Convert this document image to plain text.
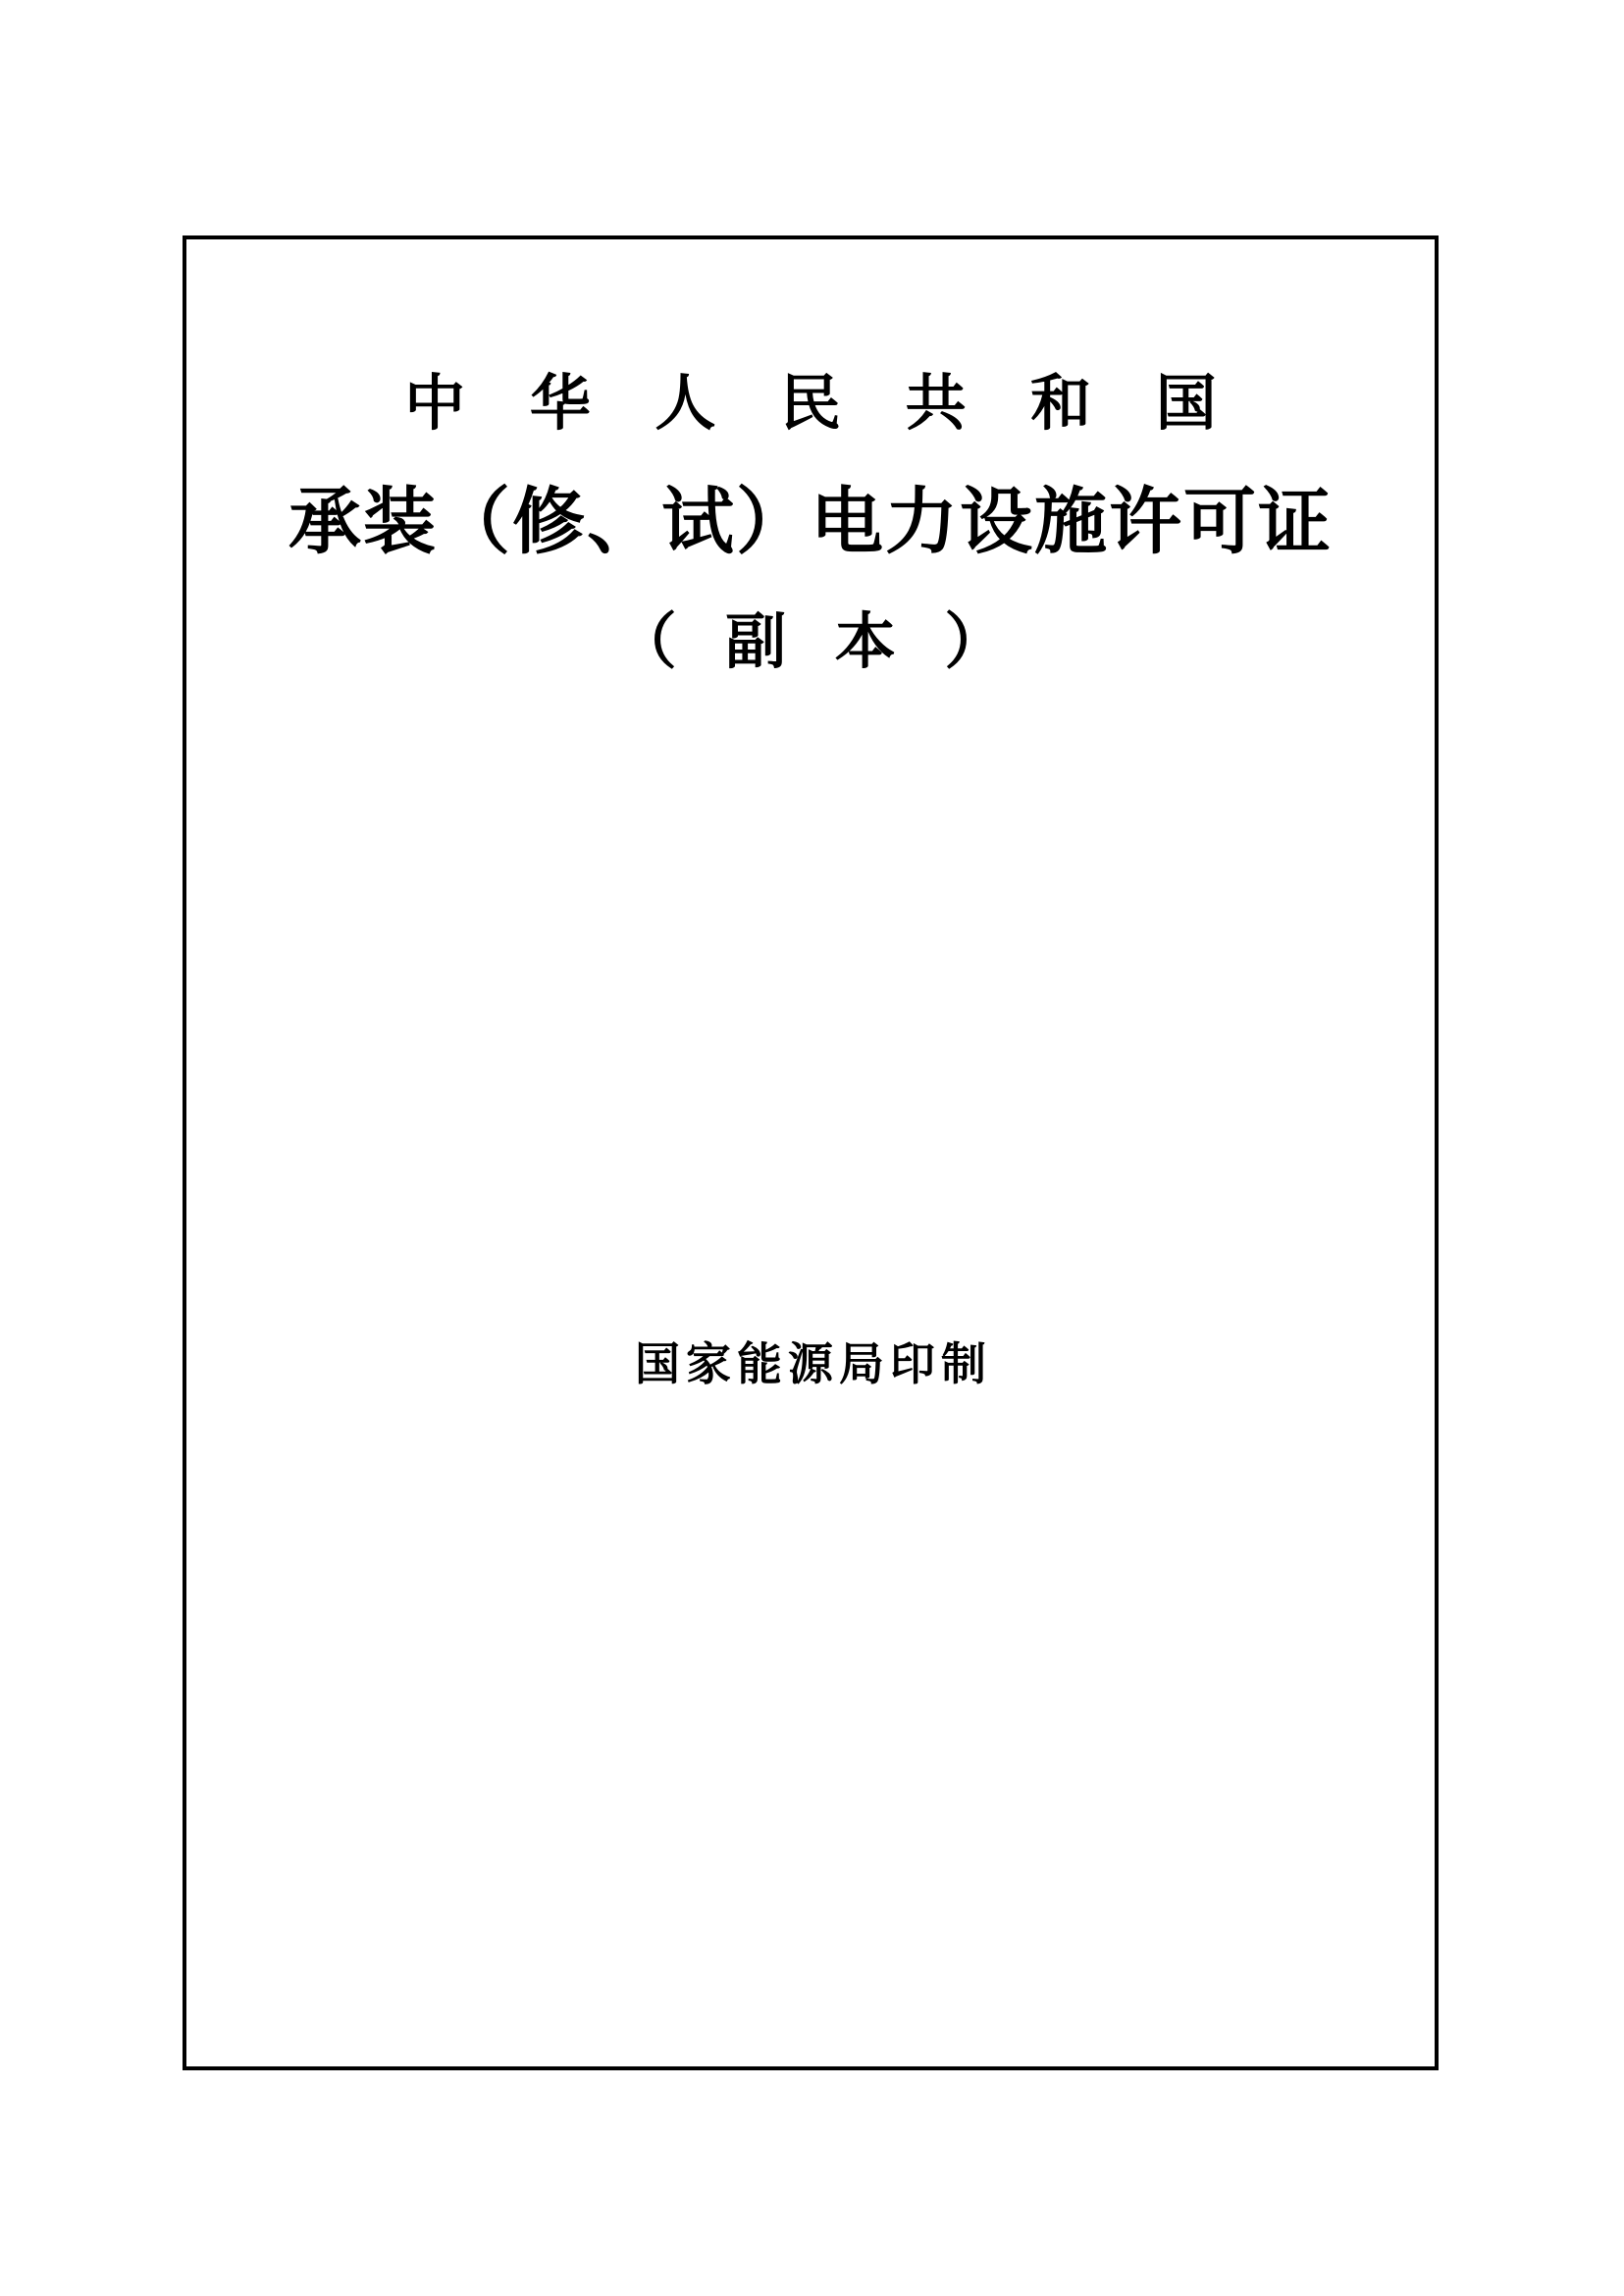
中 华 人 民 共 和 国
承装（修、试）电力设施许可证
（ 副 本 ）
国家能源局印制
